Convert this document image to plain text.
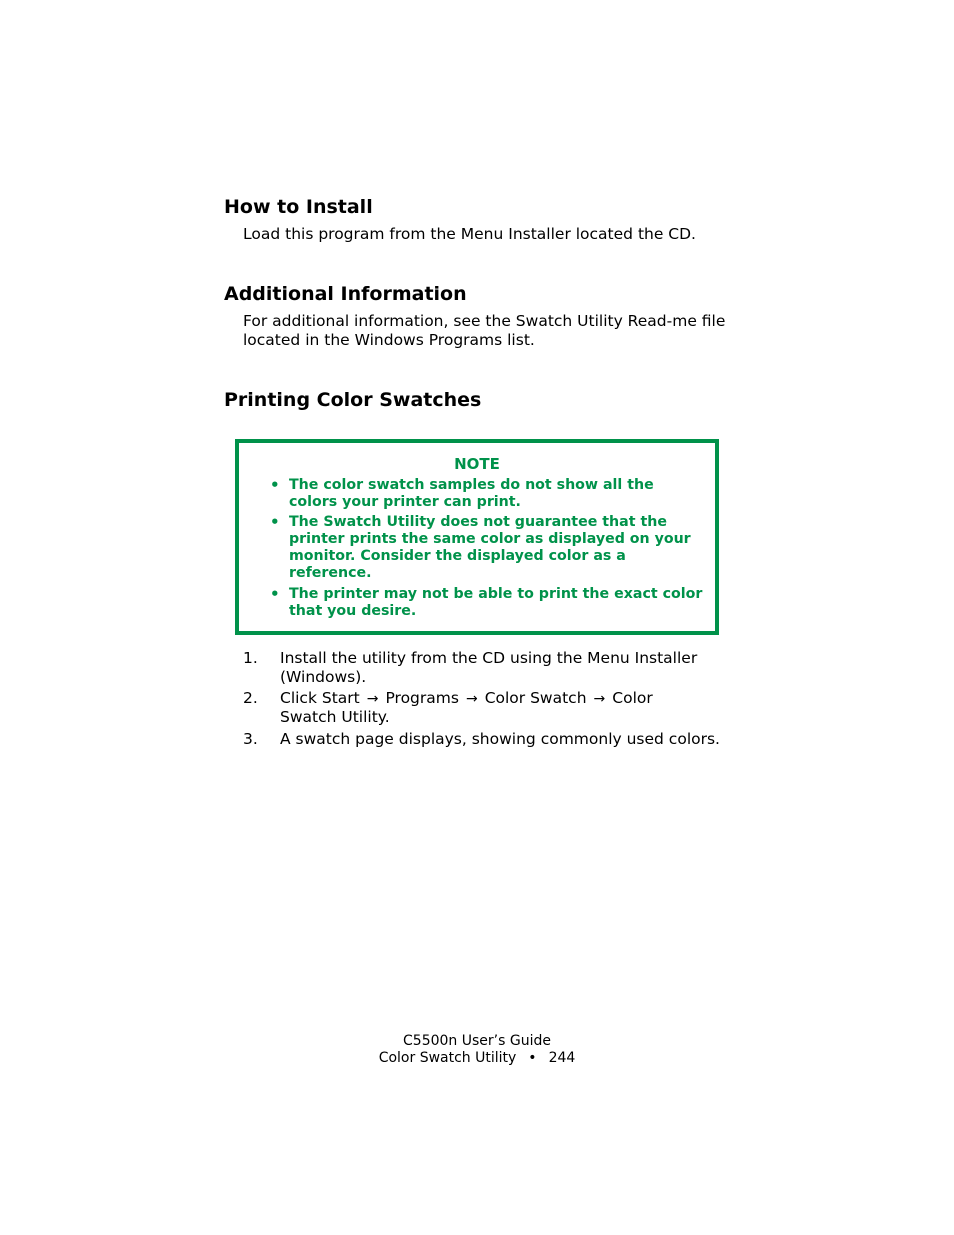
How to Install

Load this program from the Menu Installer located the CD.

Additional Information

For additional information, see the Swatch Utility Read-me file

located in the Windows Programs list.

Printing Color Swatches
NOTE
• The color swatch samples do not show all the
colors your printer can print.
• The Swatch Utility does not guarantee that the
printer prints the same color as displayed on your
monitor. Consider the displayed color as a
reference.
• The printer may not be able to print the exact color
that you desire.
1. Install the utility from the CD using the Menu Installer
(Windows).
2. Click Start → Programs → Color Swatch → Color
Swatch Utility.
3. A swatch page displays, showing commonly used colors.
C5500n User’s Guide
Color Swatch Utility • 244
